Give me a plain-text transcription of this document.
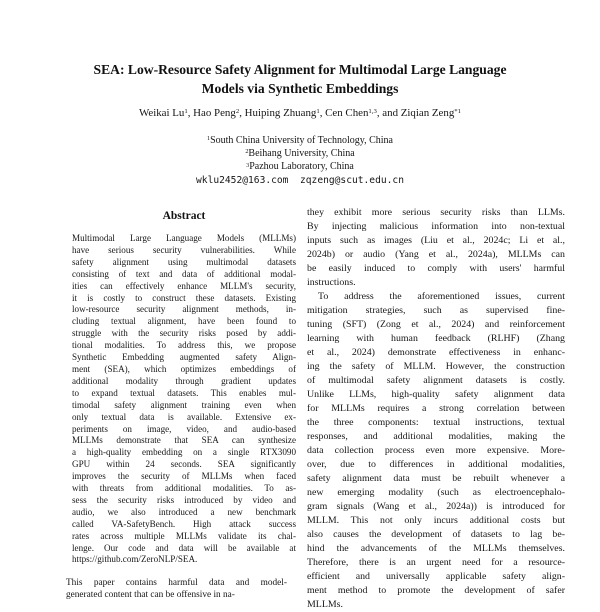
SEA: Low-Resource Safety Alignment for Multimodal Large Language
Models via Synthetic Embeddings
Weikai Lu$^1$, Hao Peng$^2$, Huiping Zhuang$^1$, Cen Chen$^{1,3}$, and Ziqian Zeng$^{*1}$
$^1$South China University of Technology, China
$^2$Beihang University, China
$^3$Pazhou Laboratory, China
wklu2452@163.com  zqzeng@scut.edu.cn
Abstract
Multimodal Large Language Models (MLLMs)
have serious security vulnerabilities. While
safety alignment using multimodal datasets
consisting of text and data of additional modal-
ities can effectively enhance MLLM's security,
it is costly to construct these datasets. Existing
low-resource security alignment methods, in-
cluding textual alignment, have been found to
struggle with the security risks posed by addi-
tional modalities. To address this, we propose
Synthetic Embedding augmented safety Align-
ment (SEA), which optimizes embeddings of
additional modality through gradient updates
to expand textual datasets. This enables mul-
timodal safety alignment training even when
only textual data is available. Extensive ex-
periments on image, video, and audio-based
MLLMs demonstrate that SEA can synthesize
a high-quality embedding on a single RTX3090
GPU within 24 seconds. SEA significantly
improves the security of MLLMs when faced
with threats from additional modalities. To as-
sess the security risks introduced by video and
audio, we also introduced a new benchmark
called VA-SafetyBench. High attack success
rates across multiple MLLMs validate its chal-
lenge. Our code and data will be available at
https://github.com/ZeroNLP/SEA.
This paper contains harmful data and model-
generated content that can be offensive in na-
they exhibit more serious security risks than LLMs.
By injecting malicious information into non-textual
inputs such as images (Liu et al., 2024c; Li et al.,
2024b) or audio (Yang et al., 2024a), MLLMs can
be easily induced to comply with users' harmful
instructions.
To address the aforementioned issues, current
mitigation strategies, such as supervised fine-
tuning (SFT) (Zong et al., 2024) and reinforcement
learning with human feedback (RLHF) (Zhang
et al., 2024) demonstrate effectiveness in enhanc-
ing the safety of MLLM. However, the construction
of multimodal safety alignment datasets is costly.
Unlike LLMs, high-quality safety alignment data
for MLLMs requires a strong correlation between
the three components: textual instructions, textual
responses, and additional modalities, making the
data collection process even more expensive. More-
over, due to differences in additional modalities,
safety alignment data must be rebuilt whenever a
new emerging modality (such as electroencephalo-
gram signals (Wang et al., 2024a)) is introduced for
MLLM. This not only incurs additional costs but
also causes the development of datasets to lag be-
hind the advancements of the MLLMs themselves.
Therefore, there is an urgent need for a resource-
efficient and universally applicable safety align-
ment method to promote the development of safer
MLLMs.
